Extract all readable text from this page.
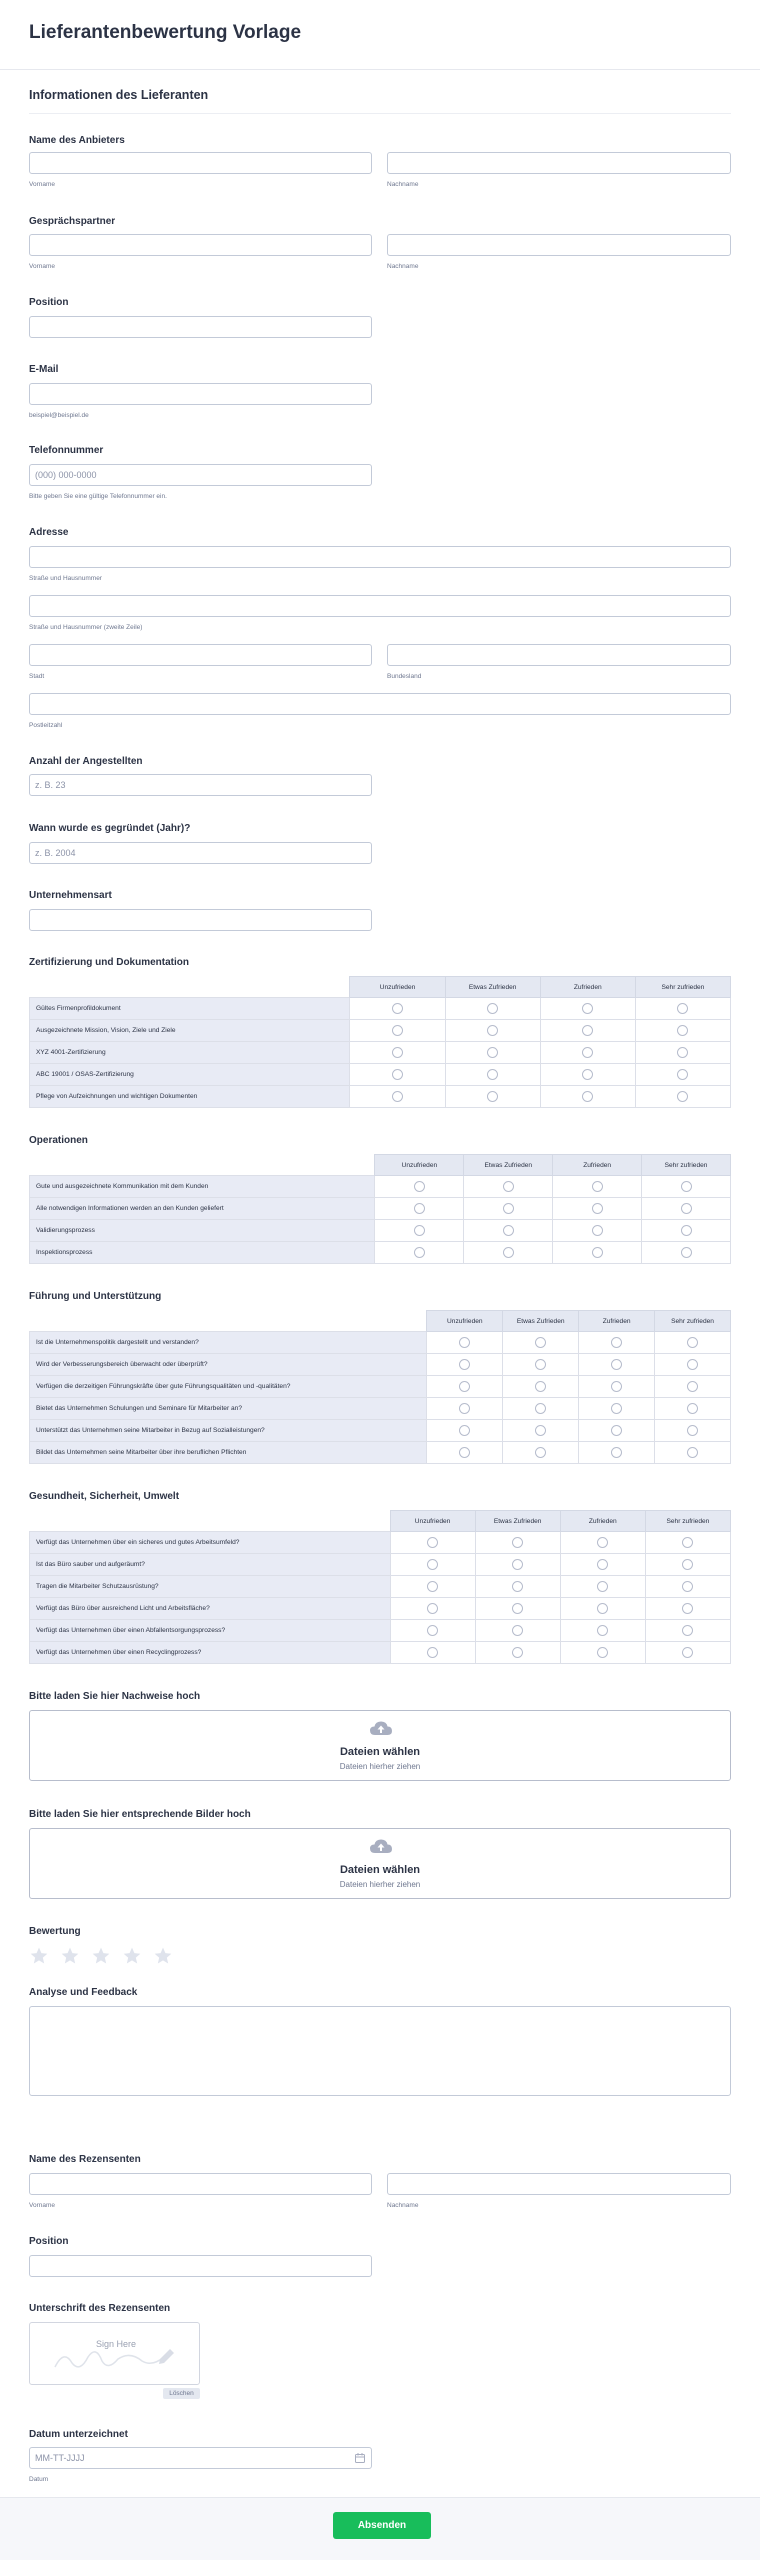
Lieferantenbewertung Vorlage
Informationen des Lieferanten
Name des Anbieters
Vorname	Nachname
Gesprächspartner
Vorname	Nachname
Position
E-Mail
beispiel@beispiel.de
Telefonnummer
(000) 000-0000
Bitte geben Sie eine gültige Telefonnummer ein.
Adresse
Straße und Hausnummer
Straße und Hausnummer (zweite Zeile)
Stadt	Bundesland
Postleitzahl
Anzahl der Angestellten
z. B. 23
Wann wurde es gegründet (Jahr)?
z. B. 2004
Unternehmensart
Zertifizierung und Dokumentation
	Unzufrieden	Etwas Zufrieden	Zufrieden	Sehr zufrieden
Gültes Firmenprofildokument				
Ausgezeichnete Mission, Vision, Ziele und Ziele				
XYZ 4001-Zertifizierung				
ABC 19001 / OSAS-Zertifizierung				
Pflege von Aufzeichnungen und wichtigen Dokumenten				
Operationen
	Unzufrieden	Etwas Zufrieden	Zufrieden	Sehr zufrieden
Gute und ausgezeichnete Kommunikation mit dem Kunden				
Alle notwendigen Informationen werden an den Kunden geliefert				
Validierungsprozess				
Inspektionsprozess				
Führung und Unterstützung
	Unzufrieden	Etwas Zufrieden	Zufrieden	Sehr zufrieden
Ist die Unternehmenspolitik dargestellt und verstanden?				
Wird der Verbesserungsbereich überwacht oder überprüft?				
Verfügen die derzeitigen Führungskräfte über gute Führungsqualitäten und -qualitäten?				
Bietet das Unternehmen Schulungen und Seminare für Mitarbeiter an?				
Unterstützt das Unternehmen seine Mitarbeiter in Bezug auf Sozialleistungen?				
Bildet das Unternehmen seine Mitarbeiter über ihre beruflichen Pflichten				
Gesundheit, Sicherheit, Umwelt
	Unzufrieden	Etwas Zufrieden	Zufrieden	Sehr zufrieden
Verfügt das Unternehmen über ein sicheres und gutes Arbeitsumfeld?				
Ist das Büro sauber und aufgeräumt?				
Tragen die Mitarbeiter Schutzausrüstung?				
Verfügt das Büro über ausreichend Licht und Arbeitsfläche?				
Verfügt das Unternehmen über einen Abfallentsorgungsprozess?				
Verfügt das Unternehmen über einen Recyclingprozess?				
Bitte laden Sie hier Nachweise hoch
Dateien wählen
Dateien hierher ziehen
Bitte laden Sie hier entsprechende Bilder hoch
Dateien wählen
Dateien hierher ziehen
Bewertung
Analyse und Feedback
Name des Rezensenten
Vorname	Nachname
Position
Unterschrift des Rezensenten
Sign Here
Löschen
Datum unterzeichnet
MM-TT-JJJJ
Datum
Absenden
